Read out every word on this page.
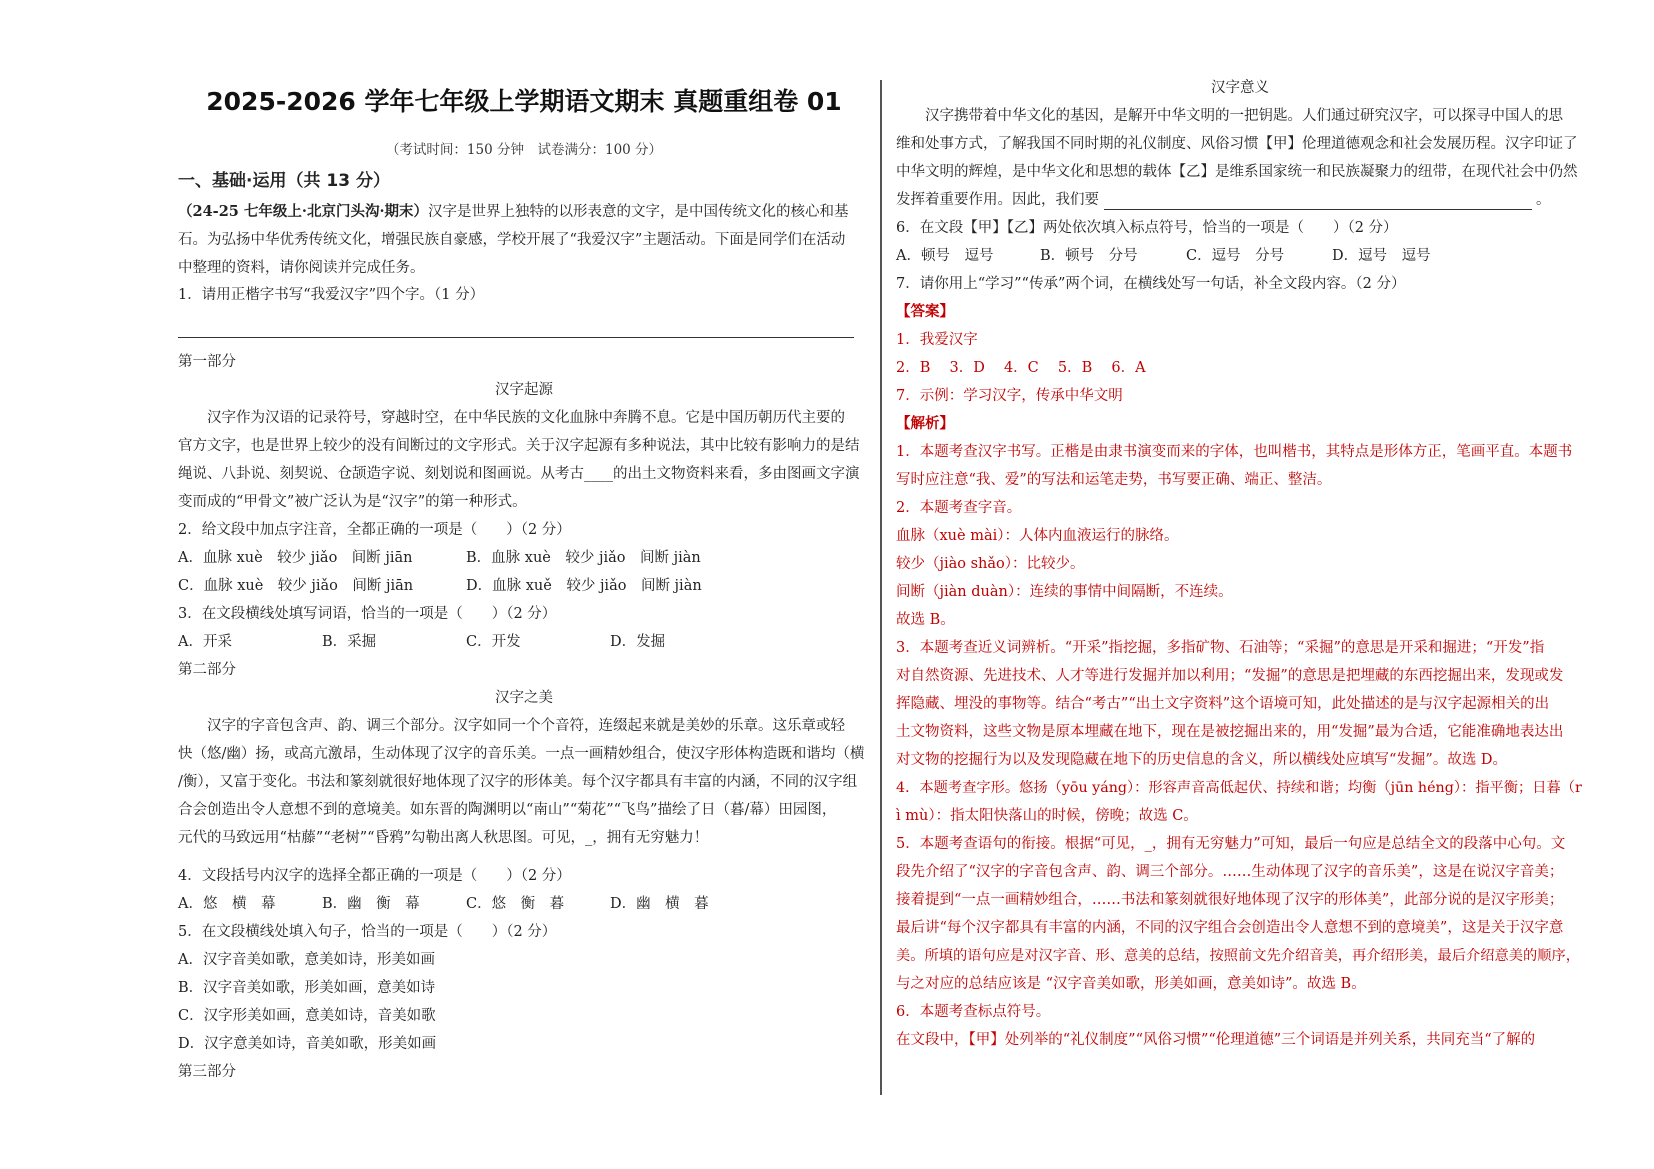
2025-2026 学年七年级上学期语文期末 真题重组卷 01
（考试时间：150 分钟　试卷满分：100 分）
一、基础·运用（共 13 分）
（24-25 七年级上·北京门头沟·期末）汉字是世界上独特的以形表意的文字，是中国传统文化的核心和基
石。为弘扬中华优秀传统文化，增强民族自豪感，学校开展了“我爱汉字”主题活动。下面是同学们在活动
中整理的资料，请你阅读并完成任务。
1．请用正楷字书写“我爱汉字”四个字。（1 分）
第一部分
汉字起源
汉字作为汉语的记录符号，穿越时空，在中华民族的文化血脉中奔腾不息。它是中国历朝历代主要的
官方文字，也是世界上较少的没有间断过的文字形式。关于汉字起源有多种说法，其中比较有影响力的是结
绳说、八卦说、刻契说、仓颉造字说、刻划说和图画说。从考古____的出土文物资料来看，多由图画文字演
变而成的“甲骨文”被广泛认为是“汉字”的第一种形式。
2．给文段中加点字注音，全都正确的一项是（　　）（2 分）
A．血脉 xuè　较少 jiǎo　间断 jiān	B．血脉 xuè　较少 jiǎo　间断 jiàn
C．血脉 xuè　较少 jiǎo　间断 jiān	D．血脉 xuě　较少 jiǎo　间断 jiàn
3．在文段横线处填写词语，恰当的一项是（　　）（2 分）
A．开采	B．采掘	C．开发	D．发掘
第二部分
汉字之美
汉字的字音包含声、韵、调三个部分。汉字如同一个个音符，连缀起来就是美妙的乐章。这乐章或轻
快（悠/幽）扬，或高亢激昂，生动体现了汉字的音乐美。一点一画精妙组合，使汉字形体构造既和谐均（横
/衡），又富于变化。书法和篆刻就很好地体现了汉字的形体美。每个汉字都具有丰富的内涵，不同的汉字组
合会创造出令人意想不到的意境美。如东晋的陶渊明以“南山”“菊花”“飞鸟”描绘了日（暮/幕）田园图，
元代的马致远用“枯藤”“老树”“昏鸦”勾勒出离人秋思图。可见，_，拥有无穷魅力！
4．文段括号内汉字的选择全都正确的一项是（　　）（2 分）
A．悠　横　幕	B．幽　衡　幕	C．悠　衡　暮	D．幽　横　暮
5．在文段横线处填入句子，恰当的一项是（　　）（2 分）
A．汉字音美如歌，意美如诗，形美如画
B．汉字音美如歌，形美如画，意美如诗
C．汉字形美如画，意美如诗，音美如歌
D．汉字意美如诗，音美如歌，形美如画
第三部分
汉字意义
汉字携带着中华文化的基因，是解开中华文明的一把钥匙。人们通过研究汉字，可以探寻中国人的思
维和处事方式，了解我国不同时期的礼仪制度、风俗习惯【甲】伦理道德观念和社会发展历程。汉字印证了
中华文明的辉煌，是中华文化和思想的载体【乙】是维系国家统一和民族凝聚力的纽带，在现代社会中仍然
发挥着重要作用。因此，我们要	。
6．在文段【甲】【乙】两处依次填入标点符号，恰当的一项是（　　）（2 分）
A．顿号　逗号	B．顿号　分号	C．逗号　分号	D．逗号　逗号
7．请你用上“学习”“传承”两个词，在横线处写一句话，补全文段内容。（2 分）
【答案】
1．我爱汉字
2．B　 3．D　 4．C　 5．B　 6．A
7．示例：学习汉字，传承中华文明
【解析】
1．本题考查汉字书写。正楷是由隶书演变而来的字体，也叫楷书，其特点是形体方正，笔画平直。本题书
写时应注意“我、爱”的写法和运笔走势，书写要正确、端正、整洁。
2．本题考查字音。
血脉（xuè mài）：人体内血液运行的脉络。
较少（jiào shǎo）：比较少。
间断（jiàn duàn）：连续的事情中间隔断，不连续。
故选 B。
3．本题考查近义词辨析。“开采”指挖掘，多指矿物、石油等；“采掘”的意思是开采和掘进；“开发”指
对自然资源、先进技术、人才等进行发掘并加以利用；“发掘”的意思是把埋藏的东西挖掘出来，发现或发
挥隐藏、埋没的事物等。结合“考古”“出土文字资料”这个语境可知，此处描述的是与汉字起源相关的出
土文物资料，这些文物是原本埋藏在地下，现在是被挖掘出来的，用“发掘”最为合适，它能准确地表达出
对文物的挖掘行为以及发现隐藏在地下的历史信息的含义，所以横线处应填写“发掘”。故选 D。
4．本题考查字形。悠扬（yōu yáng）：形容声音高低起伏、持续和谐；均衡（jūn héng）：指平衡；日暮（r
ì mù）：指太阳快落山的时候，傍晚；故选 C。
5．本题考查语句的衔接。根据“可见，_，拥有无穷魅力”可知，最后一句应是总结全文的段落中心句。文
段先介绍了“汉字的字音包含声、韵、调三个部分。……生动体现了汉字的音乐美”，这是在说汉字音美；
接着提到“一点一画精妙组合，……书法和篆刻就很好地体现了汉字的形体美”，此部分说的是汉字形美；
最后讲“每个汉字都具有丰富的内涵，不同的汉字组合会创造出令人意想不到的意境美”，这是关于汉字意
美。所填的语句应是对汉字音、形、意美的总结，按照前文先介绍音美，再介绍形美，最后介绍意美的顺序，
与之对应的总结应该是 “汉字音美如歌，形美如画，意美如诗”。故选 B。
6．本题考查标点符号。
在文段中，【甲】处列举的“礼仪制度”“风俗习惯”“伦理道德”三个词语是并列关系，共同充当“了解的
